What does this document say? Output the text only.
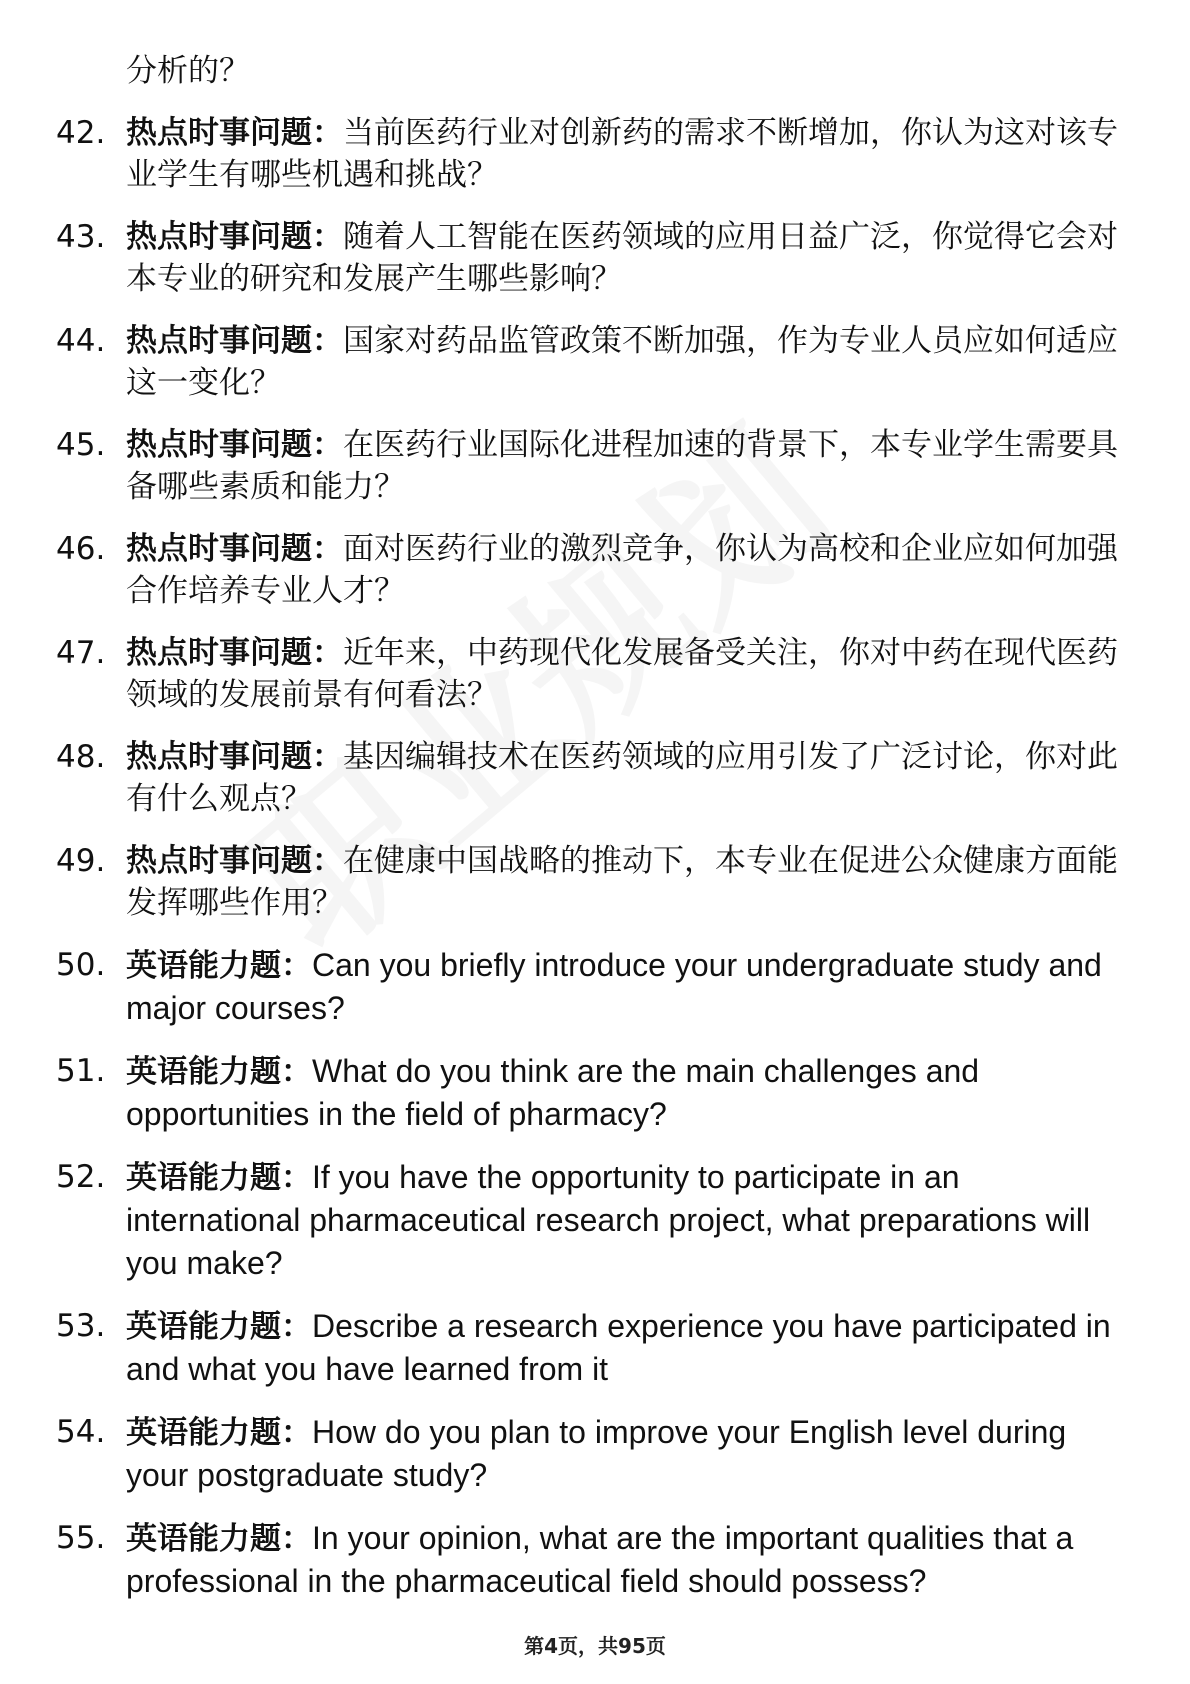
分析的？

42. 热点时事问题：当前医药行业对创新药的需求不断增加，你认为这对该专业学生有哪些机遇和挑战？
43. 热点时事问题：随着人工智能在医药领域的应用日益广泛，你觉得它会对本专业的研究和发展产生哪些影响？
44. 热点时事问题：国家对药品监管政策不断加强，作为专业人员应如何适应这一变化？
45. 热点时事问题：在医药行业国际化进程加速的背景下，本专业学生需要具备哪些素质和能力？
46. 热点时事问题：面对医药行业的激烈竞争，你认为高校和企业应如何加强合作培养专业人才？
47. 热点时事问题：近年来，中药现代化发展备受关注，你对中药在现代医药领域的发展前景有何看法？
48. 热点时事问题：基因编辑技术在医药领域的应用引发了广泛讨论，你对此有什么观点？
49. 热点时事问题：在健康中国战略的推动下，本专业在促进公众健康方面能发挥哪些作用？
50. 英语能力题：Can you briefly introduce your undergraduate study and major courses?
51. 英语能力题：What do you think are the main challenges and opportunities in the field of pharmacy?
52. 英语能力题：If you have the opportunity to participate in an international pharmaceutical research project, what preparations will you make?
53. 英语能力题：Describe a research experience you have participated in and what you have learned from it
54. 英语能力题：How do you plan to improve your English level during your postgraduate study?
55. 英语能力题：In your opinion, what are the important qualities that a professional in the pharmaceutical field should possess?
第4页，共95页
